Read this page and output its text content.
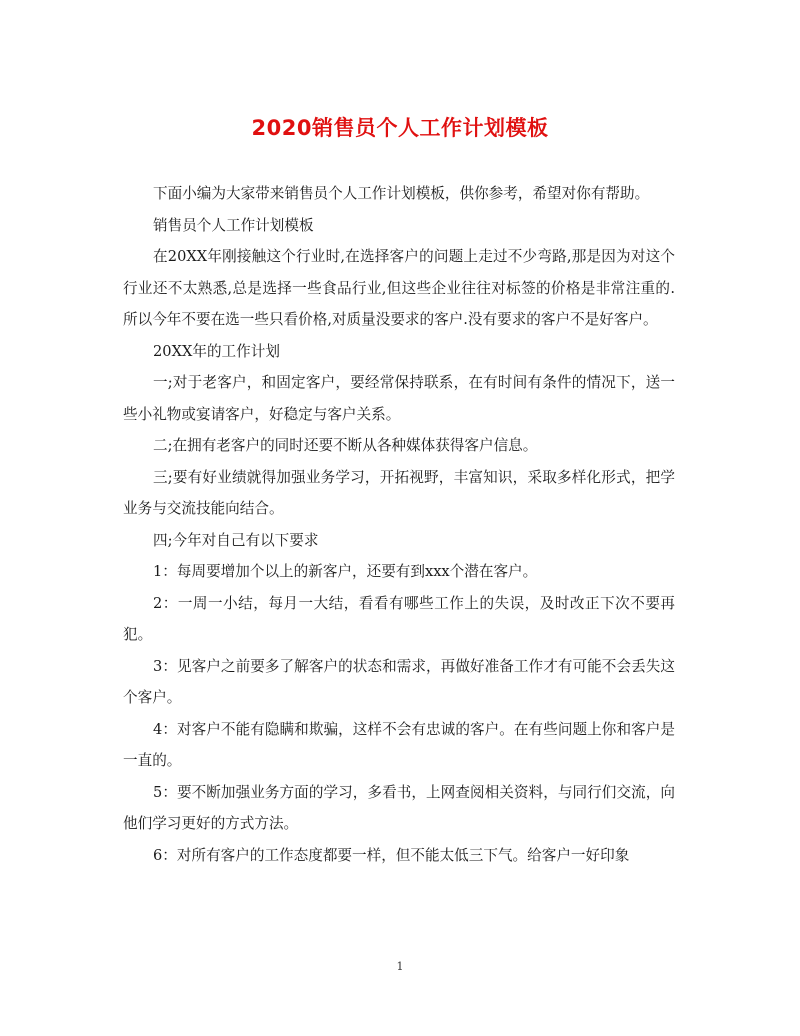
2020销售员个人工作计划模板

下面小编为大家带来销售员个人工作计划模板，供你参考，希望对你有帮助。

销售员个人工作计划模板

在20XX年刚接触这个行业时,在选择客户的问题上走过不少弯路,那是因为对这个行业还不太熟悉,总是选择一些食品行业,但这些企业往往对标签的价格是非常注重的.所以今年不要在选一些只看价格,对质量没要求的客户.没有要求的客户不是好客户。

20XX年的工作计划

一;对于老客户，和固定客户，要经常保持联系，在有时间有条件的情况下，送一些小礼物或宴请客户，好稳定与客户关系。

二;在拥有老客户的同时还要不断从各种媒体获得客户信息。

三;要有好业绩就得加强业务学习，开拓视野，丰富知识，采取多样化形式，把学业务与交流技能向结合。

四;今年对自己有以下要求

1：每周要增加个以上的新客户，还要有到xxx个潜在客户。

2：一周一小结，每月一大结，看看有哪些工作上的失误，及时改正下次不要再犯。

3：见客户之前要多了解客户的状态和需求，再做好准备工作才有可能不会丢失这个客户。

4：对客户不能有隐瞒和欺骗，这样不会有忠诚的客户。在有些问题上你和客户是一直的。

5：要不断加强业务方面的学习，多看书，上网查阅相关资料，与同行们交流，向他们学习更好的方式方法。

6：对所有客户的工作态度都要一样，但不能太低三下气。给客户一好印象

1
